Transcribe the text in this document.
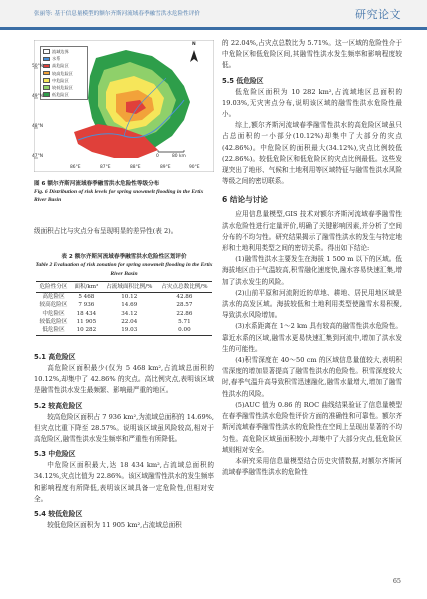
张丽等: 基于信息量模型的额尔齐斯河流域春季融雪洪水危险性评价	研究论文
流域边界
水系
高危险区
较高危险区
中危险区
较低危险区
低危险区
50°N
49°N
48°N
47°N
86°E	87°E	88°E	89°E	90°E
0	80 km
N
图 6 额尔齐斯河流域春季融雪洪水危险性等级分布
Fig. 6 Distribution of risk levels for spring snowmelt flooding in the Ertix River Basin

级面积占比与灾点分布呈现明显的差异性(表 2)。

表 2 额尔齐斯河流域春季融雪洪水危险性区划评价
Table 2 Evaluation of risk zonation for spring snowmelt flooding in the Ertix River Basin
危险性分区	面积/km²	占流域面积比例/%	占灾点总数比例/%
高危险区	5 468	10.12	42.86
较高危险区	7 936	14.69	28.57
中危险区	18 434	34.12	22.86
较低危险区	11 905	22.04	5.71
低危险区	10 282	19.03	0.00
5.1 高危险区

高危险区面积最少(仅为 5 468 km²,占流域总面积的 10.12%,却集中了 42.86% 的灾点。高比例灾点,表明该区域是融雪性洪水发生最频繁、影响最严重的地区。

5.2 较高危险区

较高危险区面积占 7 936 km²,为流域总面积的 14.69%,但灾点比重下降至 28.57%。说明该区域虽风险较高,相对于高危险区,融雪性洪水发生频率和严重性有所降低。

5.3 中危险区

中危险区面积最大,达 18 434 km²,占流域总面积的 34.12%,灾点比值为 22.86%。该区域融雪性洪水的发生频率和影响程度有所降低,表明该区域具备一定危险性,但相对安全。

5.4 较低危险区

较低危险区面积为 11 905 km²,占流域总面积

的 22.04%,占灾点总数比为 5.71%。这一区域的危险性介于中危险区和低危险区间,其融雪性洪水发生频率和影响程度较低。

5.5 低危险区

低危险区面积为 10 282 km²,占流域地区总面积的 19.03%,无灾害点分布,说明该区域的融雪性洪水危险性最小。

综上,额尔齐斯河流域春季融雪性洪水的高危险区域虽只占总面积的一小部分(10.12%)却集中了大部分的灾点(42.86%)。中危险区的面积最大(34.12%),灾点比例较低(22.86%)。较低危险区和低危险区的灾点比例最低。这些发现突出了地形、气候和土地利用等区域特征与融雪性洪水风险等级之间的密切联系。

6 结论与讨论

应用信息量模型,GIS 技术对额尔齐斯河流域春季融雪性洪水危险性进行定量评价,明确了关键影响因素,并分析了空间分布的不均匀性。研究结果揭示了融雪性洪水的发生与特定地形和土地利用类型之间的密切关系。得出如下结论:

(1)融雪性洪水主要发生在海拔 1 500 m 以下的区域。低海拔地区由于气温较高,积雪融化速度快,融水容易快速汇集,增加了洪水发生的风险。

(2)山前平原和河流附近的草地、耕地、居民用地区域是洪水的高发区域。海拔较低和土地利用类型使融雪水易积聚,导致洪水风险增加。

(3)水系距离在 1～2 km 具有较高的融雪性洪水危险性。靠近水系的区域,融雪水更易快速汇集到河流中,增加了洪水发生的可能性。

(4)积雪深度在 40～50 cm 的区域信息量值较大,表明积雪深度的增加显著提高了融雪性洪水的危险性。积雪深度较大时,春季气温升高导致积雪迅速融化,融雪水量增大,增加了融雪性洪水的风险。

(5)AUC 值为 0.86 的 ROC 曲线结果验证了信息量模型在春季融雪性洪水危险性评价方面的准确性和可靠性。额尔齐斯河流域春季融雪性洪水的危险性在空间上呈现出显著的不均匀性。高危险区域虽面积较小,却集中了大部分灾点,低危险区域则相对安全。

本研究采用信息量模型结合历史灾情数据,对额尔齐斯河流域春季融雪性洪水的危险性

65
